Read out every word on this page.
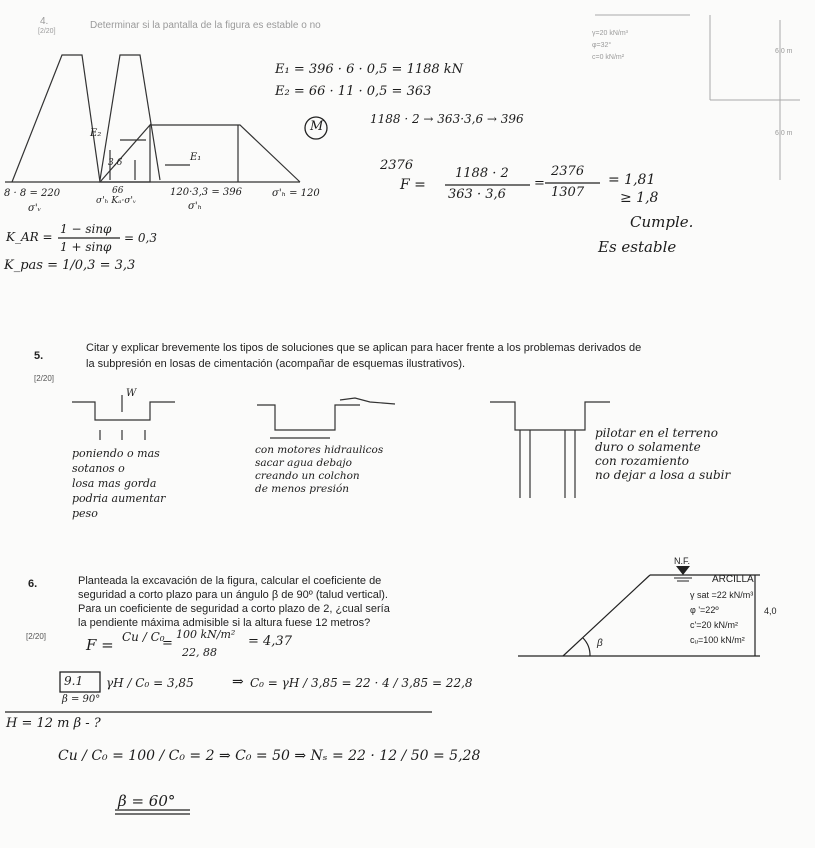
4.
[2/20]
Determinar si la pantalla de la figura es estable o no
γ=20 kN/m³
φ=32°
c=0 kN/m²
6,0 m
6,0 m
E₁ = 396 · 6 · 0,5 = 1188 kN
E₂ = 66 · 11 · 0,5 = 363
M	1188 · 2 → 363·3,6 → 396
2376
F =
1188 · 2
363 · 3,6
=
2376
1307
= 1,81
≥ 1,8
Cumple.
Es estable
8 · 8 = 220
σ'ᵥ
66
σ'ₕ Kₐ·σ'ᵥ
120·3,3 = 396
σ'ₕ
σ'ₕ = 120
E₁
E₂
3,6
K_AR =
1 − sinφ
1 + sinφ
= 0,3
K_pas = 1/0,3 = 3,3
5.
[2/20]
Citar y explicar brevemente los tipos de soluciones que se aplican para hacer frente a los problemas derivados de
la subpresión en losas de cimentación (acompañar de esquemas ilustrativos).
W
poniendo o mas
sotanos o
losa mas gorda
podria aumentar
peso
con motores hidraulicos
sacar agua debajo
creando un colchon
de menos presión
pilotar en el terreno
duro o solamente
con rozamiento
no dejar a losa a subir
6.
[2/20]
Planteada la excavación de la figura, calcular el coeficiente de
seguridad a corto plazo para un ángulo β de 90º (talud vertical).
Para un coeficiente de seguridad a corto plazo de 2, ¿cual sería
la pendiente máxima admisible si la altura fuese 12 metros?
N.F.
ARCILLA
γ sat =22 kN/m³
φ '=22º
c'=20 kN/m²
cᵤ=100 kN/m²
4,0
β
F = Cu / C₀
=
100 kN/m²
22, 88
= 4,37
9.1
β = 90°
γH / C₀ = 3,85	⇒ C₀ = γH / 3,85 = 22 · 4 / 3,85 = 22,8
H = 12 m β - ?
Cu / C₀ = 100 / C₀ = 2 ⇒ C₀ = 50 ⇒ Nₛ = 22 · 12 / 50 = 5,28
β = 60°
